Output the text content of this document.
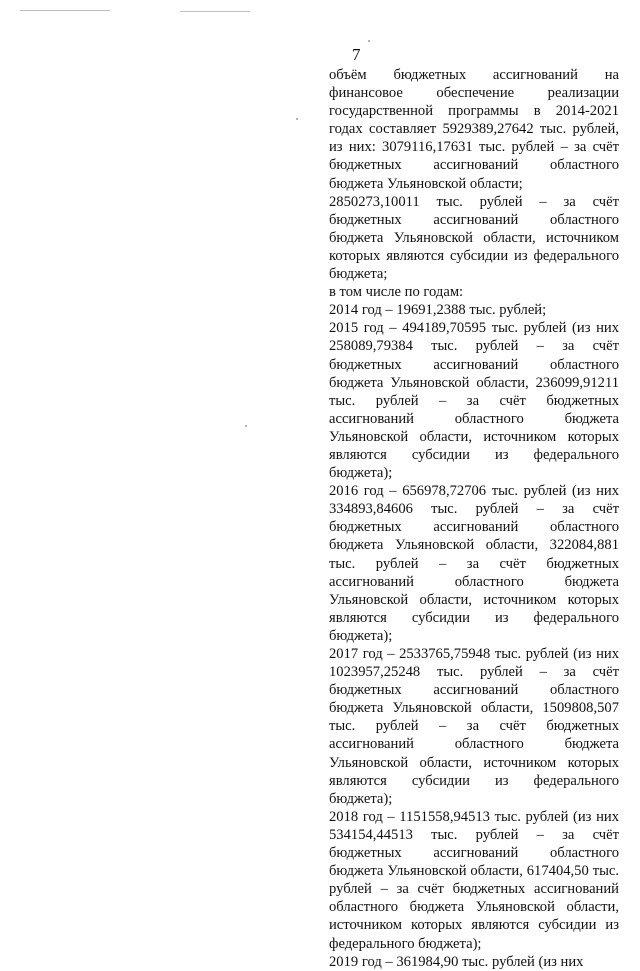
7

объём бюджетных ассигнований на финансовое обеспечение реализации государственной программы в 2014-2021 годах составляет 5929389,27642 тыс. рублей, из них: 3079116,17631 тыс. рублей – за счёт бюджетных ассигнований областного бюджета Ульяновской области;

2850273,10011 тыс. рублей – за счёт бюджетных ассигнований областного бюджета Ульяновской области, источником которых являются субсидии из федерального бюджета;

в том числе по годам:

2014 год – 19691,2388 тыс. рублей;

2015 год – 494189,70595 тыс. рублей (из них 258089,79384 тыс. рублей – за счёт бюджетных ассигнований областного бюджета Ульяновской области, 236099,91211 тыс. рублей – за счёт бюджетных ассигнований областного бюджета Ульяновской области, источником которых являются субсидии из федерального бюджета);

2016 год – 656978,72706 тыс. рублей (из них 334893,84606 тыс. рублей – за счёт бюджетных ассигнований областного бюджета Ульяновской области, 322084,881 тыс. рублей – за счёт бюджетных ассигнований областного бюджета Ульяновской области, источником которых являются субсидии из федерального бюджета);

2017 год – 2533765,75948 тыс. рублей (из них 1023957,25248 тыс. рублей – за счёт бюджетных ассигнований областного бюджета Ульяновской области, 1509808,507 тыс. рублей – за счёт бюджетных ассигнований областного бюджета Ульяновской области, источником которых являются субсидии из федерального бюджета);

2018 год – 1151558,94513 тыс. рублей (из них 534154,44513 тыс. рублей – за счёт бюджетных ассигнований областного бюджета Ульяновской области, 617404,50 тыс. рублей – за счёт бюджетных ассигнований областного бюджета Ульяновской области, источником которых являются субсидии из федерального бюджета);

2019 год – 361984,90 тыс. рублей (из них
